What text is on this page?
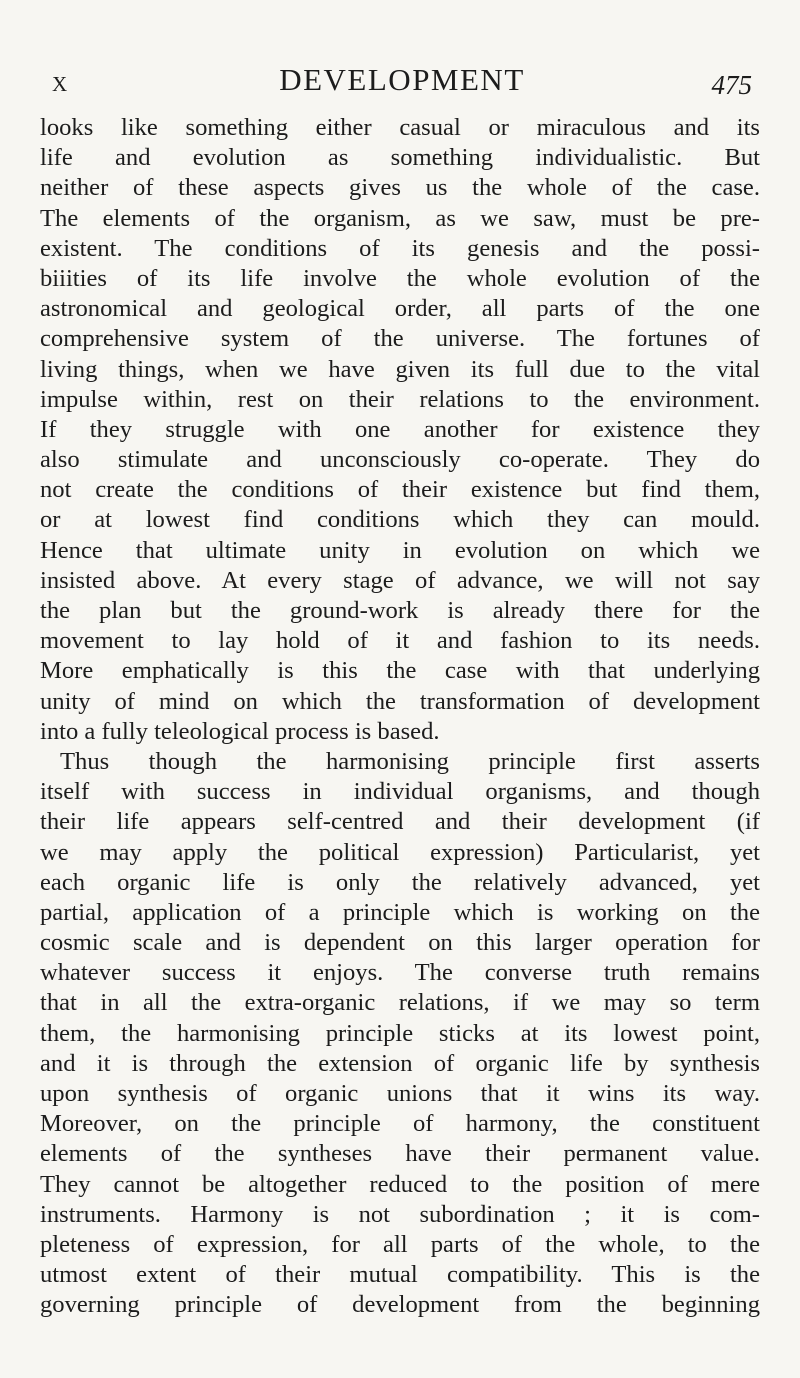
X	DEVELOPMENT	475
looks like something either casual or miraculous and its
life and evolution as something individualistic. But
neither of these aspects gives us the whole of the case.
The elements of the organism, as we saw, must be pre-
existent. The conditions of its genesis and the possi-
biiities of its life involve the whole evolution of the
astronomical and geological order, all parts of the one
comprehensive system of the universe. The fortunes of
living things, when we have given its full due to the vital
impulse within, rest on their relations to the environment.
If they struggle with one another for existence they
also stimulate and unconsciously co-operate. They do
not create the conditions of their existence but find them,
or at lowest find conditions which they can mould.
Hence that ultimate unity in evolution on which we
insisted above. At every stage of advance, we will not say
the plan but the ground-work is already there for the
movement to lay hold of it and fashion to its needs.
More emphatically is this the case with that underlying
unity of mind on which the transformation of development
into a fully teleological process is based.
Thus though the harmonising principle first asserts
itself with success in individual organisms, and though
their life appears self-centred and their development (if
we may apply the political expression) Particularist, yet
each organic life is only the relatively advanced, yet
partial, application of a principle which is working on the
cosmic scale and is dependent on this larger operation for
whatever success it enjoys. The converse truth remains
that in all the extra-organic relations, if we may so term
them, the harmonising principle sticks at its lowest point,
and it is through the extension of organic life by synthesis
upon synthesis of organic unions that it wins its way.
Moreover, on the principle of harmony, the constituent
elements of the syntheses have their permanent value.
They cannot be altogether reduced to the position of mere
instruments. Harmony is not subordination ; it is com-
pleteness of expression, for all parts of the whole, to the
utmost extent of their mutual compatibility. This is the
governing principle of development from the beginning
